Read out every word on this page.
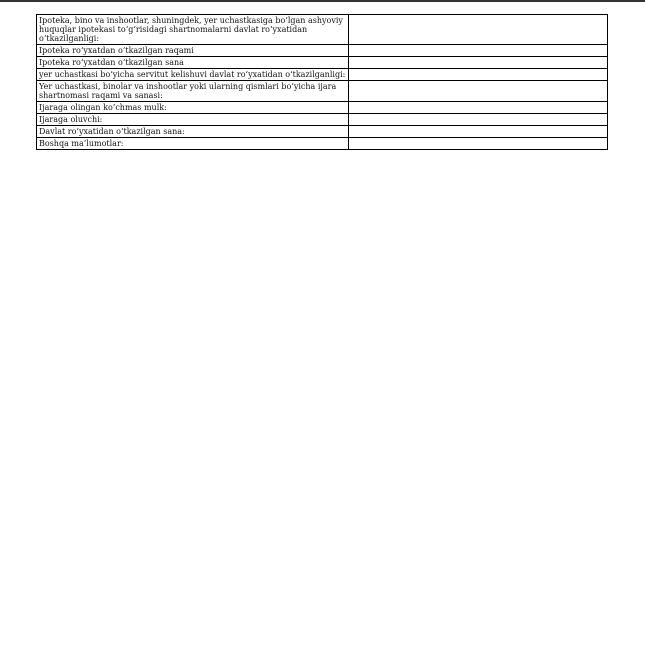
Ipoteka, bino va inshootlar, shuningdek, yer uchastkasiga bo‘lgan ashyoviy huquqlar ipotekasi to‘g‘risidagi shartnomalarni davlat ro‘yxatidan o‘tkazilganligi:	
Ipoteka ro‘yxatdan o‘tkazilgan raqami	
Ipoteka ro‘yxatdan o‘tkazilgan sana	
yer uchastkasi bo‘yicha servitut kelishuvi davlat ro‘yxatidan o‘tkazilganligi:	
Yer uchastkasi, binolar va inshootlar yoki ularning qismlari bo‘yicha ijara shartnomasi raqami va sanasi:	
Ijaraga olingan ko‘chmas mulk:	
Ijaraga oluvchi:	
Davlat ro‘yxatidan o‘tkazilgan sana:	
Boshqa ma’lumotlar:	
